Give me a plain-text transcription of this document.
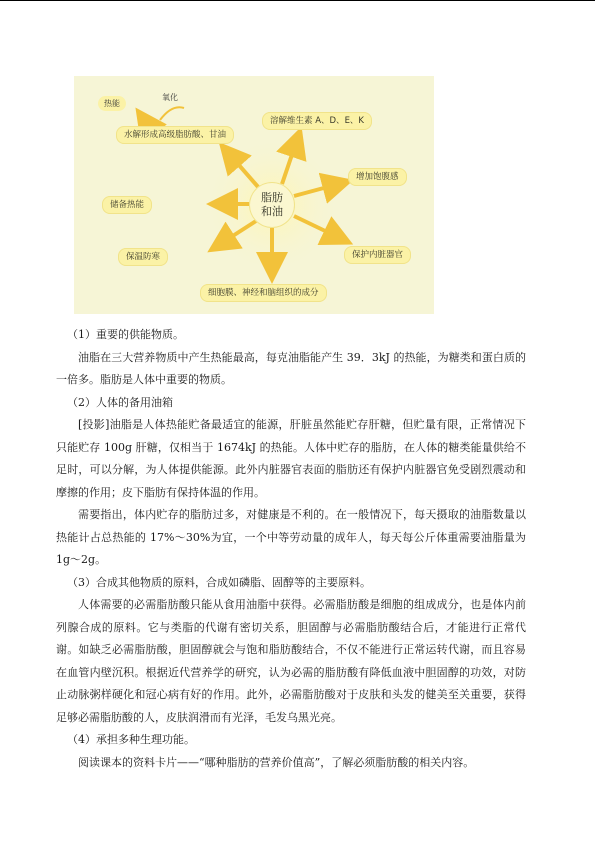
热能
氧化
水解形成高级脂肪酸、甘油
溶解维生素 A、D、E、K
增加饱腹感
储备热能
保护内脏器官
保温防寒
细胞膜、神经和脑组织的成分
脂肪
和油

（1）重要的供能物质。

油脂在三大营养物质中产生热能最高，每克油脂能产生 39．3kJ 的热能，为糖类和蛋白质的一倍多。脂肪是人体中重要的物质。

（2）人体的备用油箱

[投影]油脂是人体热能贮备最适宜的能源，肝脏虽然能贮存肝糖，但贮量有限，正常情况下只能贮存 100g 肝糖，仅相当于 1674kJ 的热能。人体中贮存的脂肪，在人体的糖类能量供给不足时，可以分解，为人体提供能源。此外内脏器官表面的脂肪还有保护内脏器官免受剧烈震动和摩擦的作用；皮下脂肪有保持体温的作用。

需要指出，体内贮存的脂肪过多，对健康是不利的。在一般情况下，每天摄取的油脂数量以热能计占总热能的 17%～30%为宜，一个中等劳动量的成年人，每天每公斤体重需要油脂量为 1g～2g。

（3）合成其他物质的原料，合成如磷脂、固醇等的主要原料。

人体需要的必需脂肪酸只能从食用油脂中获得。必需脂肪酸是细胞的组成成分，也是体内前列腺合成的原料。它与类脂的代谢有密切关系，胆固醇与必需脂肪酸结合后，才能进行正常代谢。如缺乏必需脂肪酸，胆固醇就会与饱和脂肪酸结合，不仅不能进行正常运转代谢，而且容易在血管内壁沉积。根据近代营养学的研究，认为必需的脂肪酸有降低血液中胆固醇的功效，对防止动脉粥样硬化和冠心病有好的作用。此外，必需脂肪酸对于皮肤和头发的健美至关重要，获得足够必需脂肪酸的人，皮肤润滑而有光泽，毛发乌黑光亮。

（4）承担多种生理功能。

阅读课本的资料卡片——“哪种脂肪的营养价值高”，了解必须脂肪酸的相关内容。
